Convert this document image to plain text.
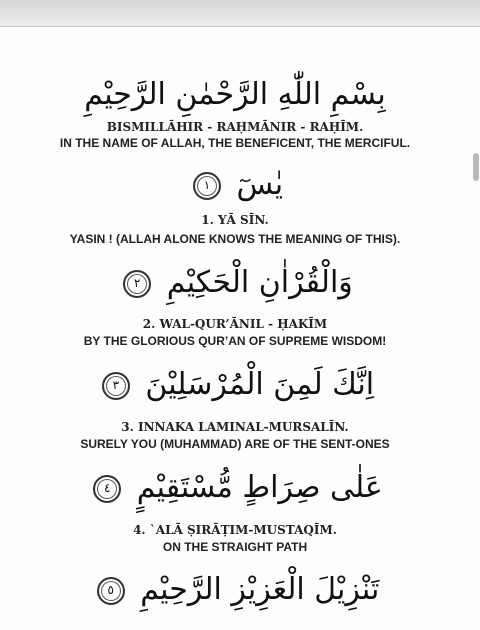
بِسْمِ اللّٰهِ الرَّحْمٰنِ الرَّحِيْمِ
BISMILLĀHIR - RAḤMĀNIR - RAḤĪM.
IN THE NAME OF ALLAH, THE BENEFICENT, THE MERCIFUL.
يٰسٓ ١
1. YĀ SĪN.
YASIN ! (ALLAH ALONE KNOWS THE MEANING OF THIS).
وَالْقُرْاٰنِ الْحَكِيْمِ ٢
2. WAL-QUR’ĀNIL - ḤAKĪM
BY THE GLORIOUS QUR’AN OF SUPREME WISDOM!
اِنَّكَ لَمِنَ الْمُرْسَلِيْنَ ٣
3. INNAKA LAMINAL-MURSALĪN.
SURELY YOU (MUHAMMAD) ARE OF THE SENT-ONES
عَلٰى صِرَاطٍ مُّسْتَقِيْمٍ ٤
4. `ALĀ ṢIRĀṬIM-MUSTAQĪM.
ON THE STRAIGHT PATH
تَنْزِيْلَ الْعَزِيْزِ الرَّحِيْمِ ٥
